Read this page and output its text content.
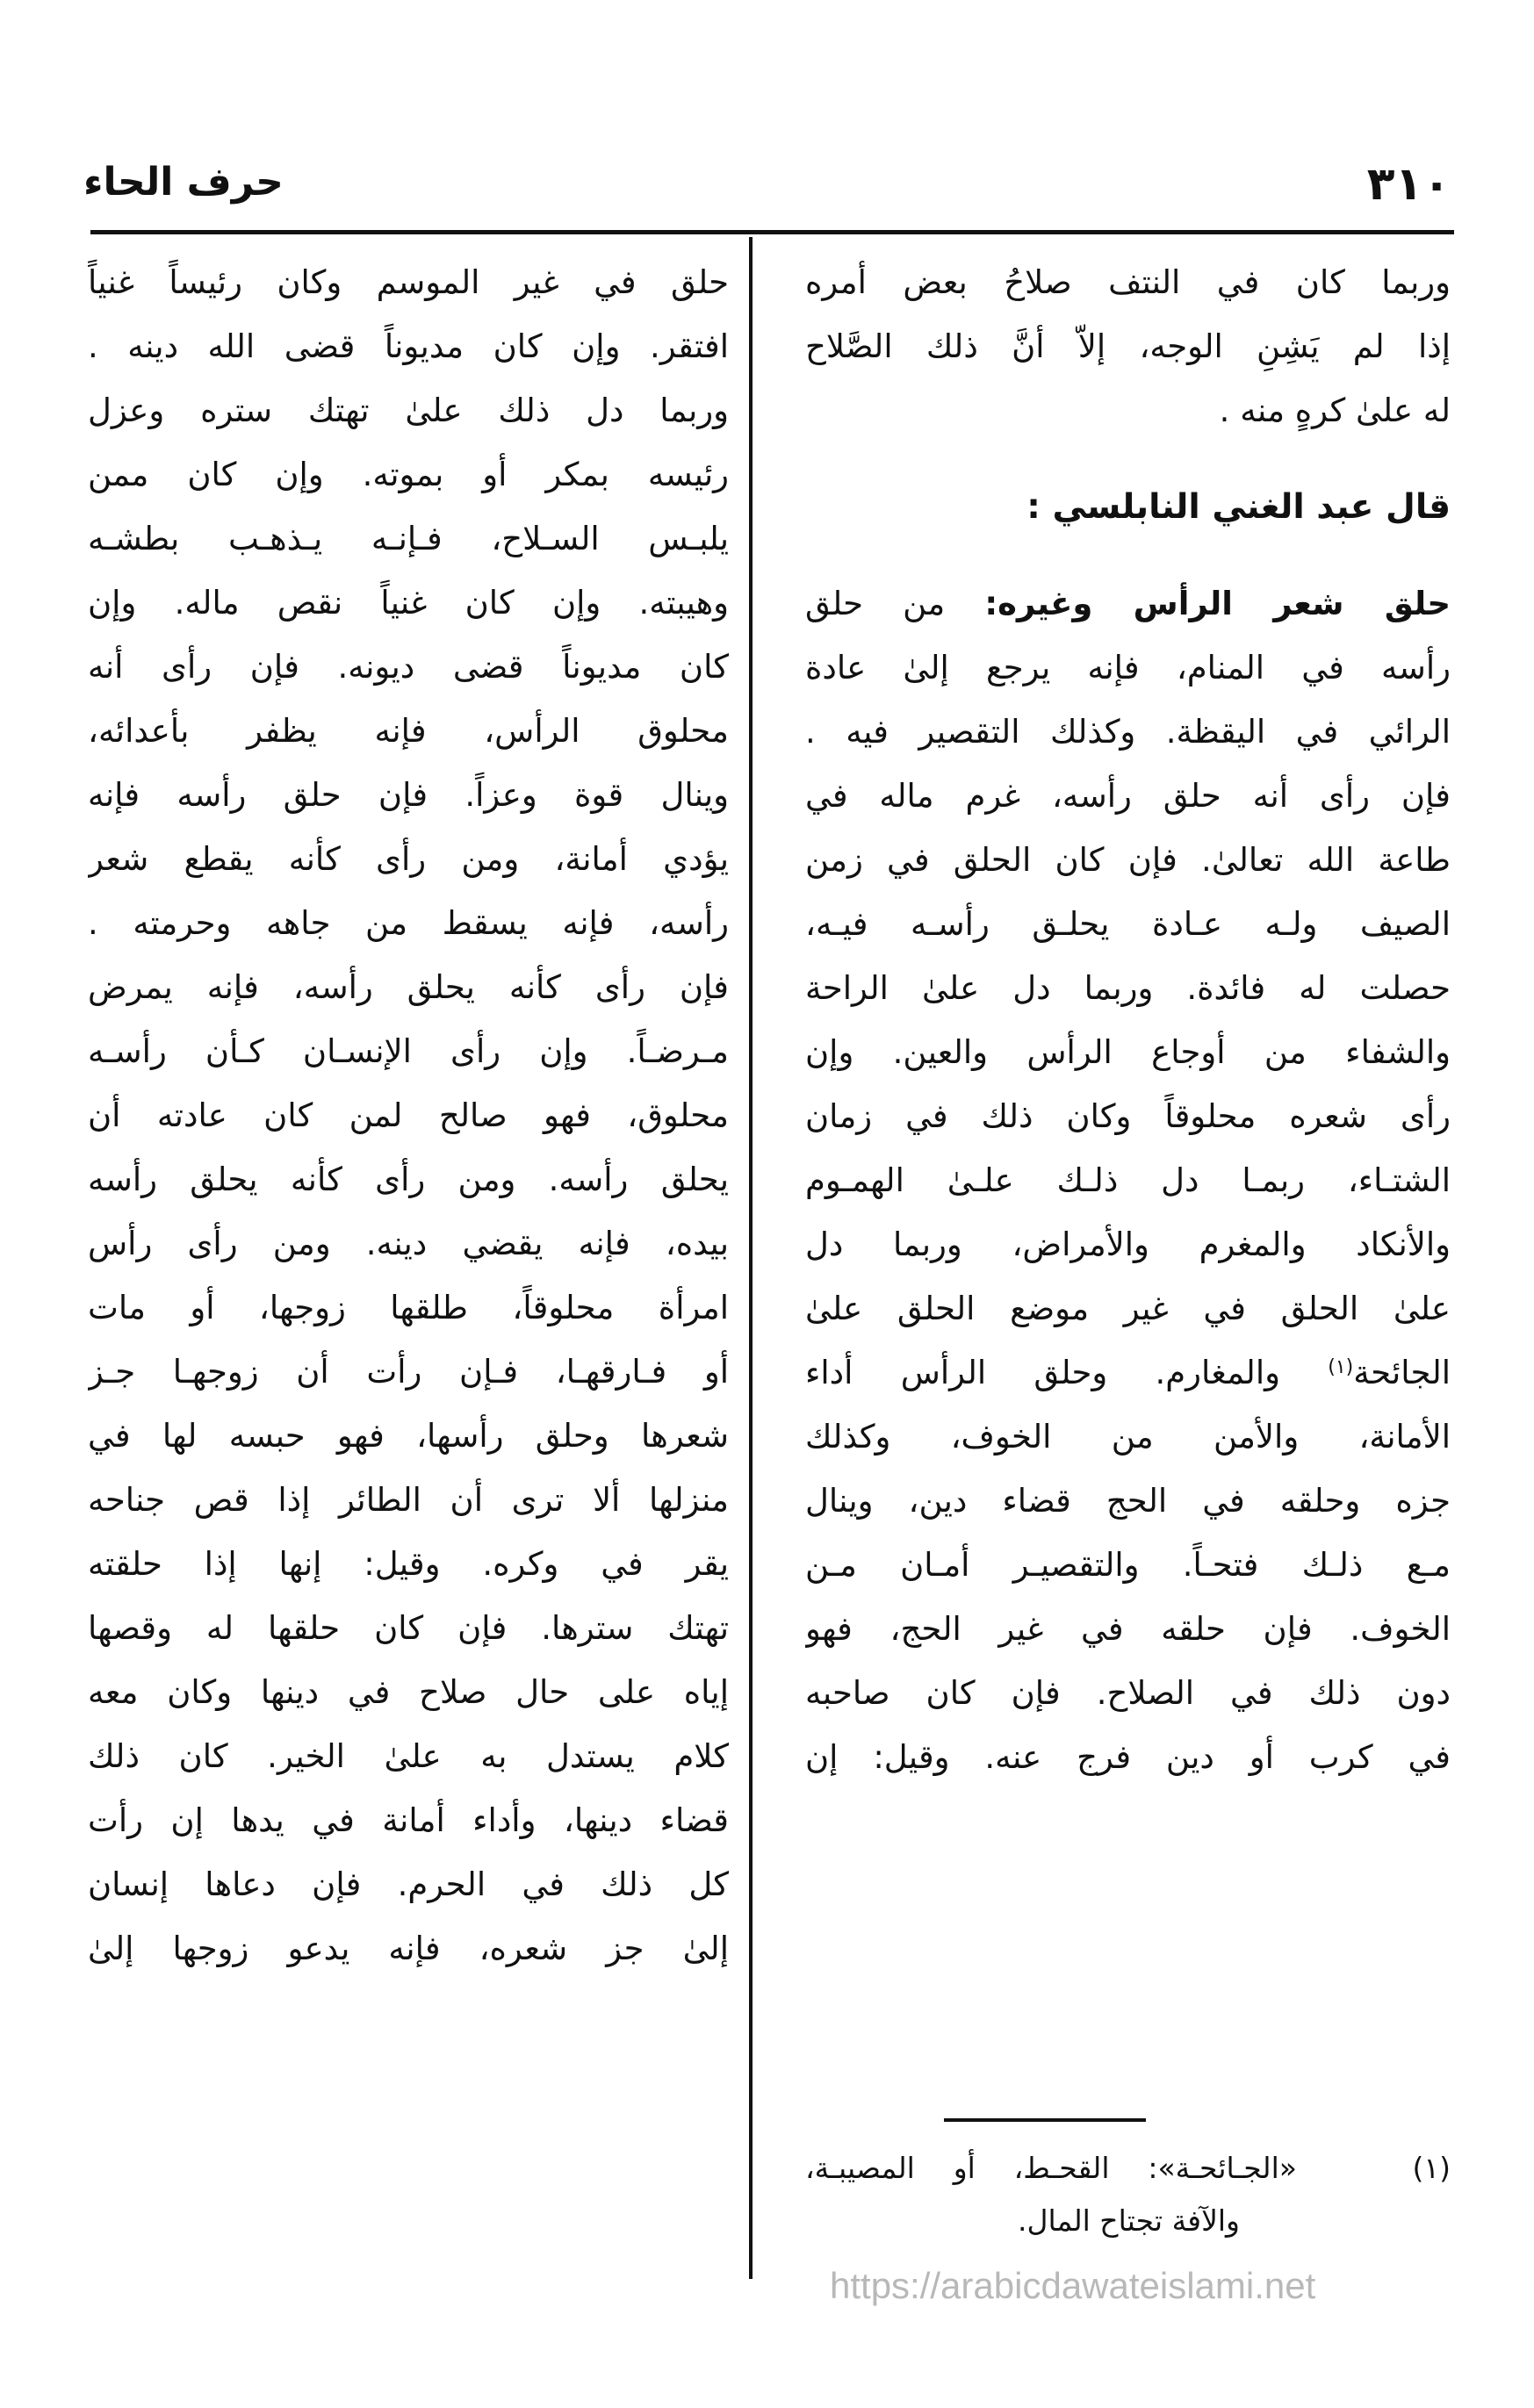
٣١٠
حرف الحاء
وربما كان في النتف صلاحُ بعض أمره
إذا لم يَشِنِ الوجه، إلاّ أنَّ ذلك الصَّلاح
له علىٰ كرهٍ منه .
قال عبد الغني النابلسي :
حلق شعر الرأس وغيره: من حلق
رأسه في المنام، فإنه يرجع إلىٰ عادة
الرائي في اليقظة. وكذلك التقصير فيه .
فإن رأى أنه حلق رأسه، غرم ماله في
طاعة الله تعالىٰ. فإن كان الحلق في زمن
الصيف ولـه عـادة يحلـق رأسـه فيـه،
حصلت له فائدة. وربما دل علىٰ الراحة
والشفاء من أوجاع الرأس والعين. وإن
رأى شعره محلوقاً وكان ذلك في زمان
الشتـاء، ربمـا دل ذلـك علـىٰ الهمـوم
والأنكاد والمغرم والأمراض، وربما دل
علىٰ الحلق في غير موضع الحلق علىٰ
الجائحة$^{(١)}$ والمغارم. وحلق الرأس أداء
الأمانة، والأمن من الخوف، وكذلك
جزه وحلقه في الحج قضاء دين، وينال
مـع ذلـك فتحـاً. والتقصيـر أمـان مـن
الخوف. فإن حلقه في غير الحج، فهو
دون ذلك في الصلاح. فإن كان صاحبه
في كرب أو دين فرج عنه. وقيل: إن
حلق في غير الموسم وكان رئيساً غنياً
افتقر. وإن كان مديوناً قضى الله دينه .
وربما دل ذلك علىٰ تهتك ستره وعزل
رئيسه بمكر أو بموته. وإن كان ممن
يلبـس السـلاح، فـإنـه يـذهـب بطشـه
وهيبته. وإن كان غنياً نقص ماله. وإن
كان مديوناً قضى ديونه. فإن رأى أنه
محلوق الرأس، فإنه يظفر بأعدائه،
وينال قوة وعزاً. فإن حلق رأسه فإنه
يؤدي أمانة، ومن رأى كأنه يقطع شعر
رأسه، فإنه يسقط من جاهه وحرمته .
فإن رأى كأنه يحلق رأسه، فإنه يمرض
مـرضـاً. وإن رأى الإنسـان كـأن رأسـه
محلوق، فهو صالح لمن كان عادته أن
يحلق رأسه. ومن رأى كأنه يحلق رأسه
بيده، فإنه يقضي دينه. ومن رأى رأس
امرأة محلوقاً، طلقها زوجها، أو مات
أو فـارقهـا، فـإن رأت أن زوجهـا جـز
شعرها وحلق رأسها، فهو حبسه لها في
منزلها ألا ترى أن الطائر إذا قص جناحه
يقر في وكره. وقيل: إنها إذا حلقته
تهتك سترها. فإن كان حلقها له وقصها
إياه على حال صلاح في دينها وكان معه
كلام يستدل به علىٰ الخير. كان ذلك
قضاء دينها، وأداء أمانة في يدها إن رأت
كل ذلك في الحرم. فإن دعاها إنسان
إلىٰ جز شعره، فإنه يدعو زوجها إلىٰ
(١)   «الجـائحـة»: القحـط، أو المصيبـة،
والآفة تجتاح المال.
https://arabicdawateislami.net
